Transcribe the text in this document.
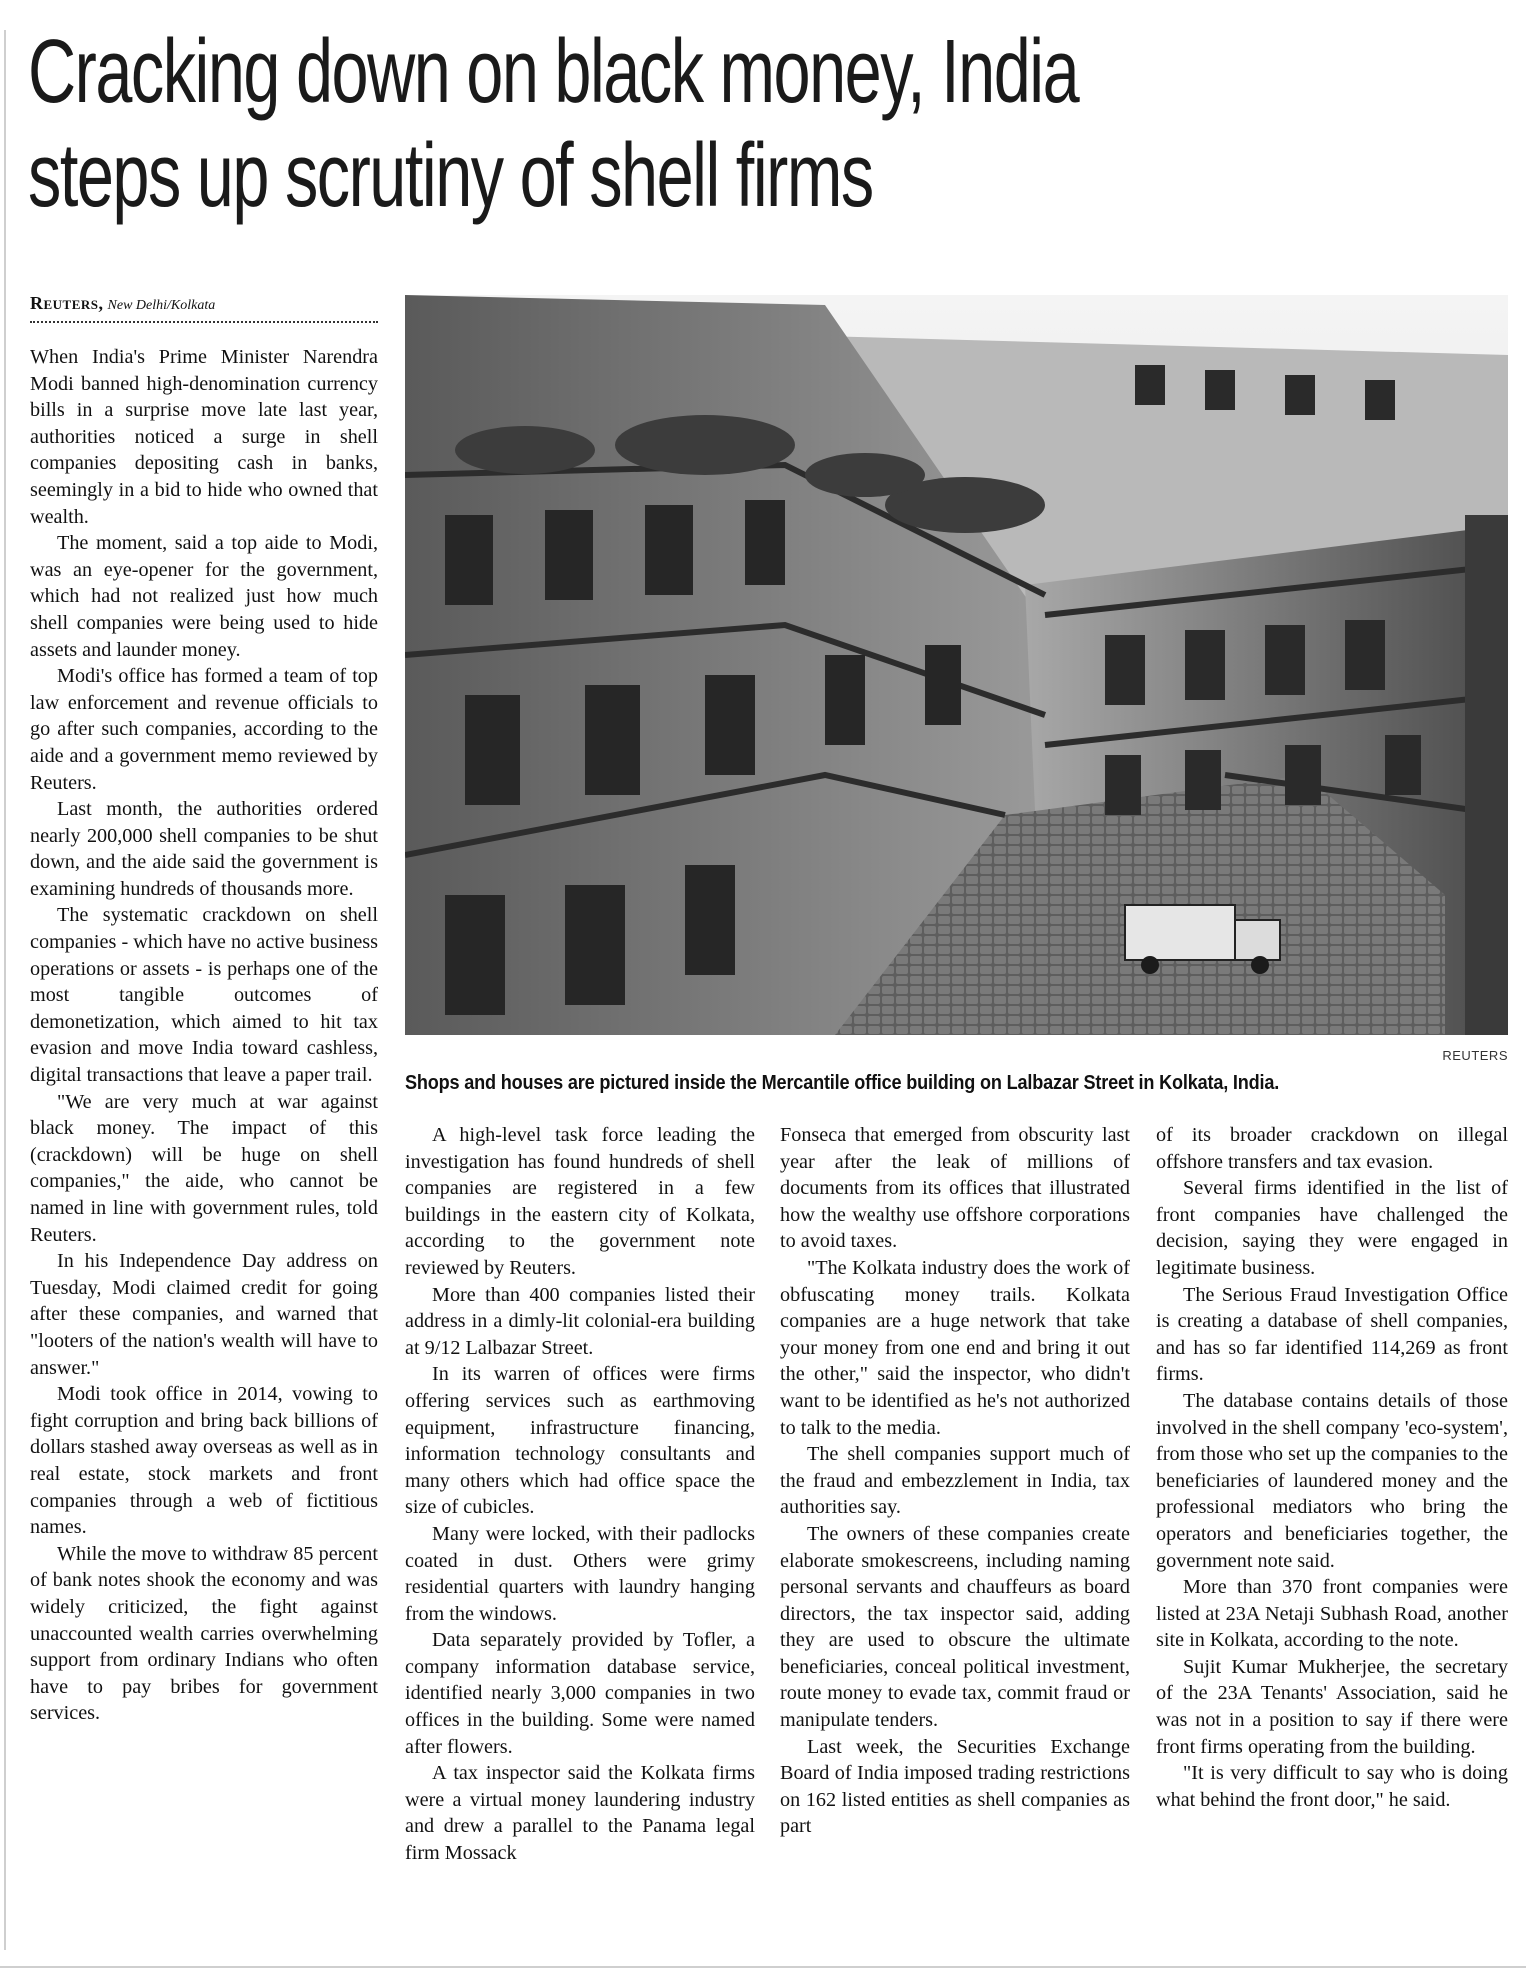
Cracking down on black money, India
steps up scrutiny of shell firms
Reuters, New Delhi/Kolkata
REUTERS
Shops and houses are pictured inside the Mercantile office building on Lalbazar Street in Kolkata, India.

When India's Prime Minister Narendra Modi banned high-denomination currency bills in a surprise move late last year, authorities noticed a surge in shell companies depositing cash in banks, seemingly in a bid to hide who owned that wealth.

The moment, said a top aide to Modi, was an eye-opener for the government, which had not realized just how much shell companies were being used to hide assets and launder money.

Modi's office has formed a team of top law enforcement and revenue officials to go after such companies, according to the aide and a government memo reviewed by Reuters.

Last month, the authorities ordered nearly 200,000 shell companies to be shut down, and the aide said the government is examining hundreds of thousands more.

The systematic crackdown on shell companies - which have no active business operations or assets - is perhaps one of the most tangible outcomes of demonetization, which aimed to hit tax evasion and move India toward cashless, digital transactions that leave a paper trail.

"We are very much at war against black money. The impact of this (crackdown) will be huge on shell companies," the aide, who cannot be named in line with government rules, told Reuters.

In his Independence Day address on Tuesday, Modi claimed credit for going after these companies, and warned that "looters of the nation's wealth will have to answer."

Modi took office in 2014, vowing to fight corruption and bring back billions of dollars stashed away overseas as well as in real estate, stock markets and front companies through a web of fictitious names.

While the move to withdraw 85 percent of bank notes shook the economy and was widely criticized, the fight against unaccounted wealth carries overwhelming support from ordinary Indians who often have to pay bribes for government services.

A high-level task force leading the investigation has found hundreds of shell companies are registered in a few buildings in the eastern city of Kolkata, according to the government note reviewed by Reuters.

More than 400 companies listed their address in a dimly-lit colonial-era building at 9/12 Lalbazar Street.

In its warren of offices were firms offering services such as earthmoving equipment, infrastructure financing, information technology consultants and many others which had office space the size of cubicles.

Many were locked, with their padlocks coated in dust. Others were grimy residential quarters with laundry hanging from the windows.

Data separately provided by Tofler, a company information database service, identified nearly 3,000 companies in two offices in the building. Some were named after flowers.

A tax inspector said the Kolkata firms were a virtual money laundering industry and drew a parallel to the Panama legal firm Mossack

Fonseca that emerged from obscurity last year after the leak of millions of documents from its offices that illustrated how the wealthy use offshore corporations to avoid taxes.

"The Kolkata industry does the work of obfuscating money trails. Kolkata companies are a huge network that take your money from one end and bring it out the other," said the inspector, who didn't want to be identified as he's not authorized to talk to the media.

The shell companies support much of the fraud and embezzlement in India, tax authorities say.

The owners of these companies create elaborate smokescreens, including naming personal servants and chauffeurs as board directors, the tax inspector said, adding they are used to obscure the ultimate beneficiaries, conceal political investment, route money to evade tax, commit fraud or manipulate tenders.

Last week, the Securities Exchange Board of India imposed trading restrictions on 162 listed entities as shell companies as part

of its broader crackdown on illegal offshore transfers and tax evasion.

Several firms identified in the list of front companies have challenged the decision, saying they were engaged in legitimate business.

The Serious Fraud Investigation Office is creating a database of shell companies, and has so far identified 114,269 as front firms.

The database contains details of those involved in the shell company 'eco-system', from those who set up the companies to the beneficiaries of laundered money and the professional mediators who bring the operators and beneficiaries together, the government note said.

More than 370 front companies were listed at 23A Netaji Subhash Road, another site in Kolkata, according to the note.

Sujit Kumar Mukherjee, the secretary of the 23A Tenants' Association, said he was not in a position to say if there were front firms operating from the building.

"It is very difficult to say who is doing what behind the front door," he said.
